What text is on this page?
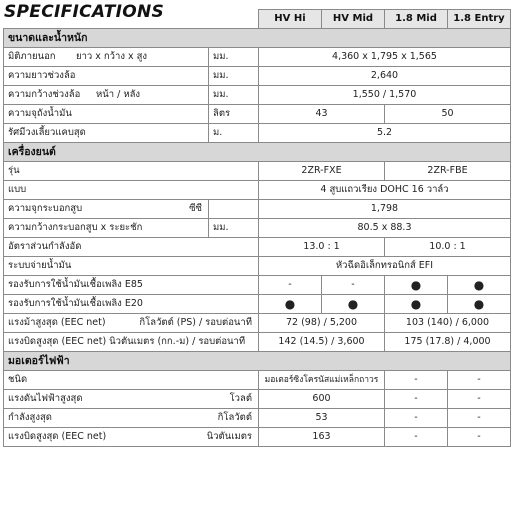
SPECIFICATIONS
		HV Hi	HV Mid	1.8 Mid	1.8 Entry
ขนาดและน้ำหนัก					
มิติภายนอก ยาว x กว้าง x สูง	มม.	4,360 x 1,795 x 1,565			
ความยาวช่วงล้อ	มม.	2,640			
ความกว้างช่วงล้อ หน้า / หลัง	มม.	1,550 / 1,570			
ความจุถังน้ำมัน	ลิตร	43		50	
รัศมีวงเลี้ยวแคบสุด	ม.	5.2			
เครื่องยนต์					
รุ่น		2ZR-FXE		2ZR-FBE	
แบบ		4 สูบแถวเรียง DOHC 16 วาล์ว			
ความจุกระบอกสูบ ซีซี		1,798			
ความกว้างกระบอกสูบ x ระยะชัก	มม.	80.5 x 88.3			
อัตราส่วนกำลังอัด		13.0 : 1		10.0 : 1	
ระบบจ่ายน้ำมัน		หัวฉีดอิเล็กทรอนิกส์ EFI			
รองรับการใช้น้ำมันเชื้อเพลิง E85		-	-	●	●
รองรับการใช้น้ำมันเชื้อเพลิง E20		●	●	●	●
แรงม้าสูงสุด (EEC net) กิโลวัตต์ (PS) / รอบต่อนาที		72 (98) / 5,200		103 (140) / 6,000	
แรงบิดสูงสุด (EEC net) นิวตันเมตร (กก.-ม) / รอบต่อนาที		142 (14.5) / 3,600		175 (17.8) / 4,000	
มอเตอร์ไฟฟ้า					
ชนิด		มอเตอร์ซิงโครนัสแม่เหล็กถาวร		-	-
แรงดันไฟฟ้าสูงสุด โวลต์		600		-	-
กำลังสูงสุด กิโลวัตต์		53		-	-
แรงบิดสูงสุด (EEC net) นิวตันเมตร		163		-	-
